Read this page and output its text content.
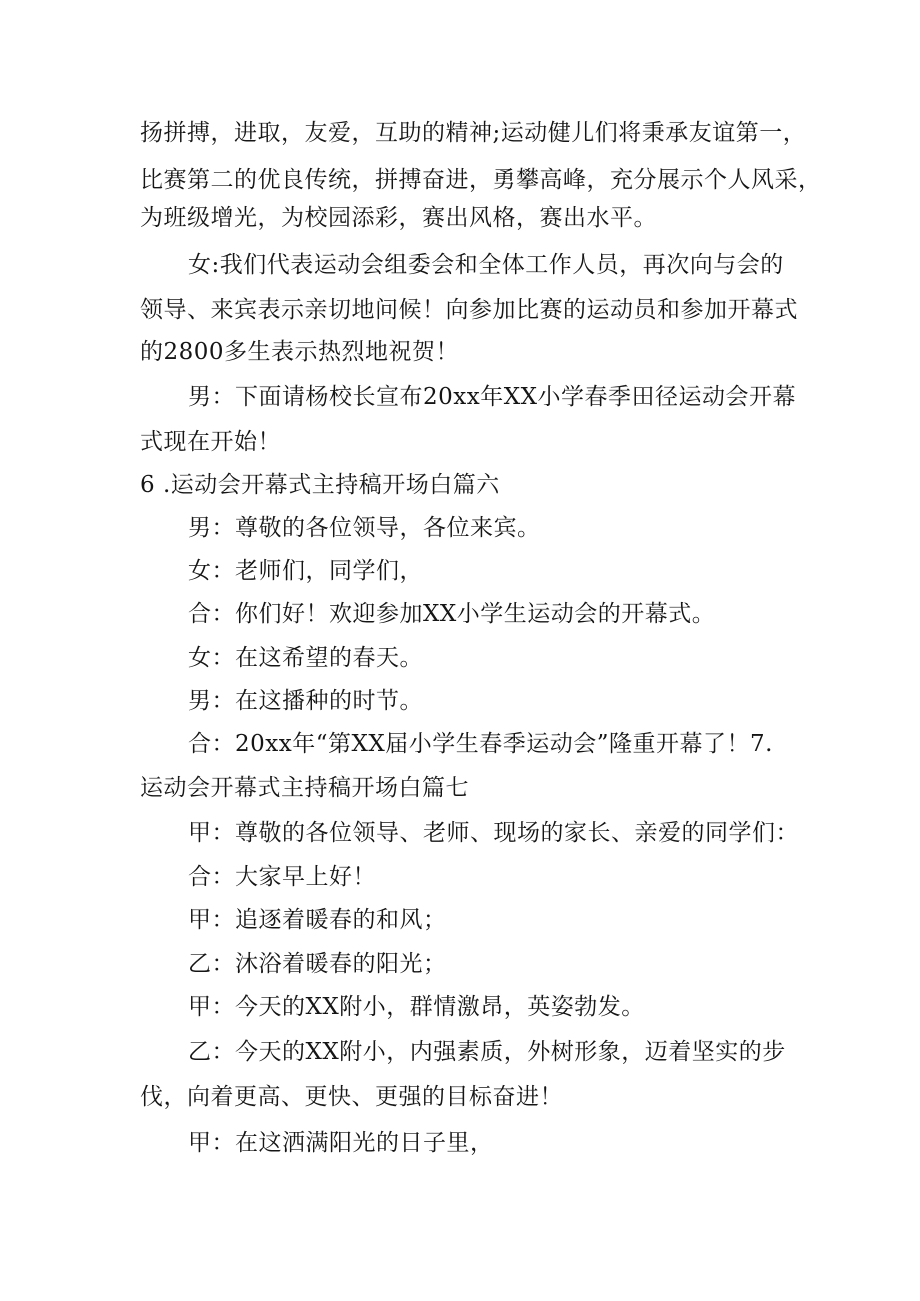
扬拼搏，进取，友爱，互助的精神;运动健儿们将秉承友谊第一，
比赛第二的优良传统，拼搏奋进，勇攀高峰，充分展示个人风采，
为班级增光，为校园添彩，赛出风格，赛出水平。
女:我们代表运动会组委会和全体工作人员，再次向与会的
领导、来宾表示亲切地问候！向参加比赛的运动员和参加开幕式
的2800多生表示热烈地祝贺！
男：下面请杨校长宣布20xx年XX小学春季田径运动会开幕
式现在开始！
6 .运动会开幕式主持稿开场白篇六
男：尊敬的各位领导，各位来宾。
女：老师们，同学们，
合：你们好！欢迎参加XX小学生运动会的开幕式。
女：在这希望的春天。
男：在这播种的时节。
合：20xx年“第XX届小学生春季运动会”隆重开幕了！7.
运动会开幕式主持稿开场白篇七
甲：尊敬的各位领导、老师、现场的家长、亲爱的同学们：
合：大家早上好！
甲：追逐着暖春的和风；
乙：沐浴着暖春的阳光；
甲：今天的XX附小，群情激昂，英姿勃发。
乙：今天的XX附小，内强素质，外树形象，迈着坚实的步
伐，向着更高、更快、更强的目标奋进！
甲：在这洒满阳光的日子里，
